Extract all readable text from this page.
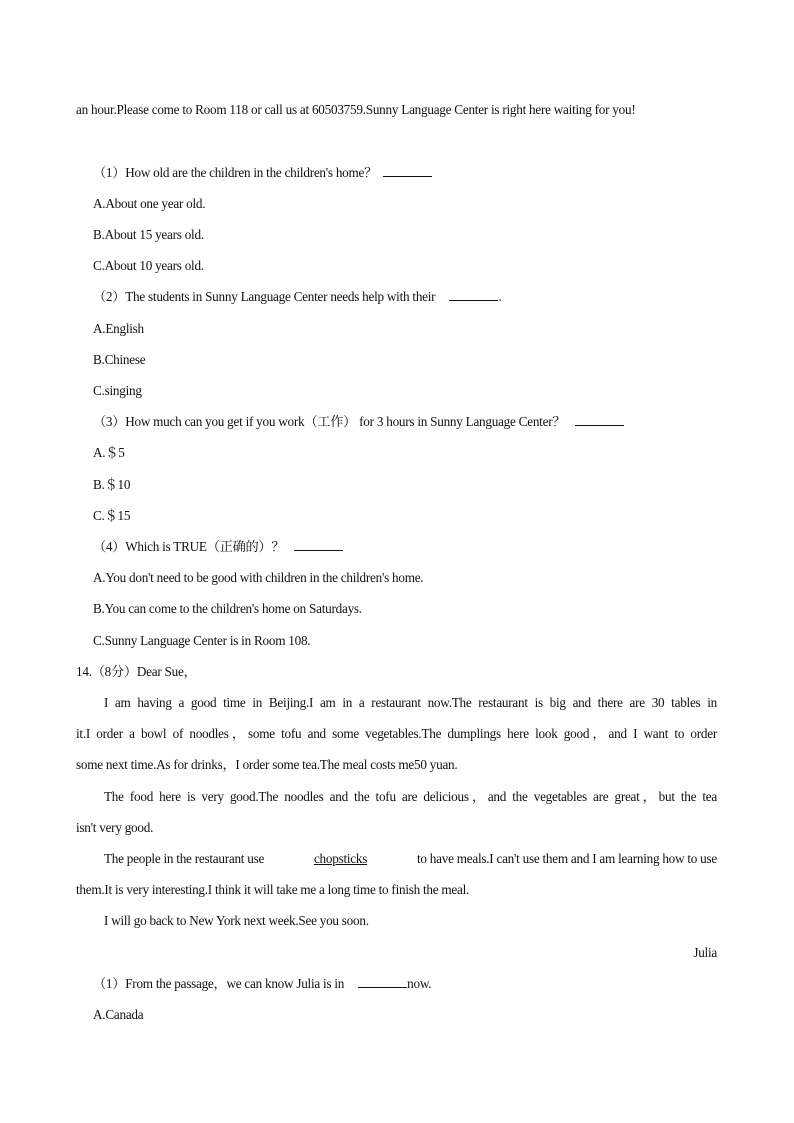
an hour.Please come to Room 118 or call us at 60503759.Sunny Language Center is right here waiting for you!
（1）How old are the children in the children's home？
A.About one year old.
B.About 15 years old.
C.About 10 years old.
（2）The students in Sunny Language Center needs help with their	.
A.English
B.Chinese
C.singing
（3）How much can you get if you work（工作） for 3 hours in Sunny Language Center？
A.＄5
B.＄10
C.＄15
（4）Which is TRUE（正确的）？
A.You don't need to be good with children in the children's home.
B.You can come to the children's home on Saturdays.
C.Sunny Language Center is in Room 108.
14.（8分）Dear Sue，
I am having a good time in Beijing.I am in a restaurant now.The restaurant is big and there are 30 tables in
it.I order a bowl of noodles，some tofu and some vegetables.The dumplings here look good，and I want to order
some next time.As for drinks，I order some tea.The meal costs me50 yuan.
The food here is very good.The noodles and the tofu are delicious，and the vegetables are great，but the tea
isn't very good.
The people in the restaurant use	chopsticks	to have meals.I can't use them and I am learning how to use
them.It is very interesting.I think it will take me a long time to finish the meal.
I will go back to New York next week.See you soon.
Julia
（1）From the passage，we can know Julia is in	now.
A.Canada
